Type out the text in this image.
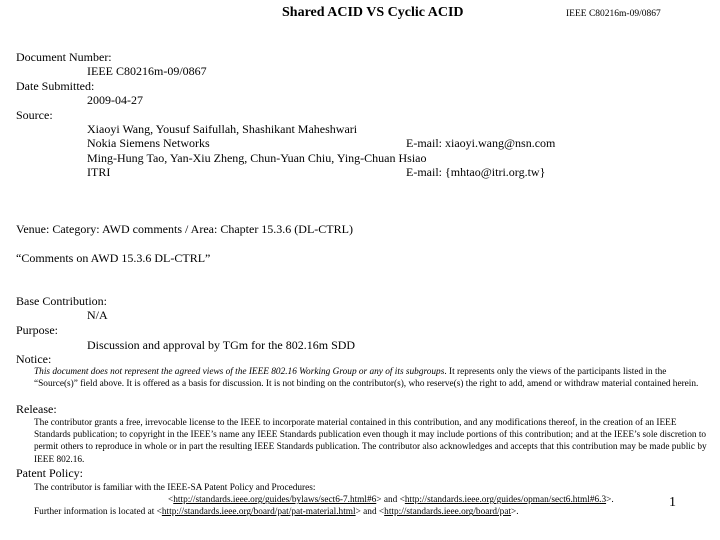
Shared ACID VS Cyclic ACID	IEEE C80216m-09/0867
Document Number:
IEEE C80216m-09/0867
Date Submitted:
2009-04-27
Source:
Xiaoyi Wang, Yousuf Saifullah, Shashikant Maheshwari
Nokia Siemens Networks	E-mail: xiaoyi.wang@nsn.com
Ming-Hung Tao, Yan-Xiu Zheng, Chun-Yuan Chiu, Ying-Chuan Hsiao
ITRI	E-mail: {mhtao@itri.org.tw}
Venue: Category: AWD comments / Area: Chapter 15.3.6 (DL-CTRL)
“Comments on AWD 15.3.6 DL-CTRL”
Base Contribution:
N/A
Purpose:
Discussion and approval by TGm for the 802.16m SDD
Notice:
This document does not represent the agreed views of the IEEE 802.16 Working Group or any of its subgroups. It represents only the views of the participants listed in the “Source(s)” field above. It is offered as a basis for discussion. It is not binding on the contributor(s), who reserve(s) the right to add, amend or withdraw material contained herein.
Release:
The contributor grants a free, irrevocable license to the IEEE to incorporate material contained in this contribution, and any modifications thereof, in the creation of an IEEE Standards publication; to copyright in the IEEE’s name any IEEE Standards publication even though it may include portions of this contribution; and at the IEEE’s sole discretion to permit others to reproduce in whole or in part the resulting IEEE Standards publication. The contributor also acknowledges and accepts that this contribution may be made public by IEEE 802.16.
Patent Policy:
The contributor is familiar with the IEEE-SA Patent Policy and Procedures:
<http://standards.ieee.org/guides/bylaws/sect6-7.html#6> and <http://standards.ieee.org/guides/opman/sect6.html#6.3>.
Further information is located at <http://standards.ieee.org/board/pat/pat-material.html> and <http://standards.ieee.org/board/pat>.
1
